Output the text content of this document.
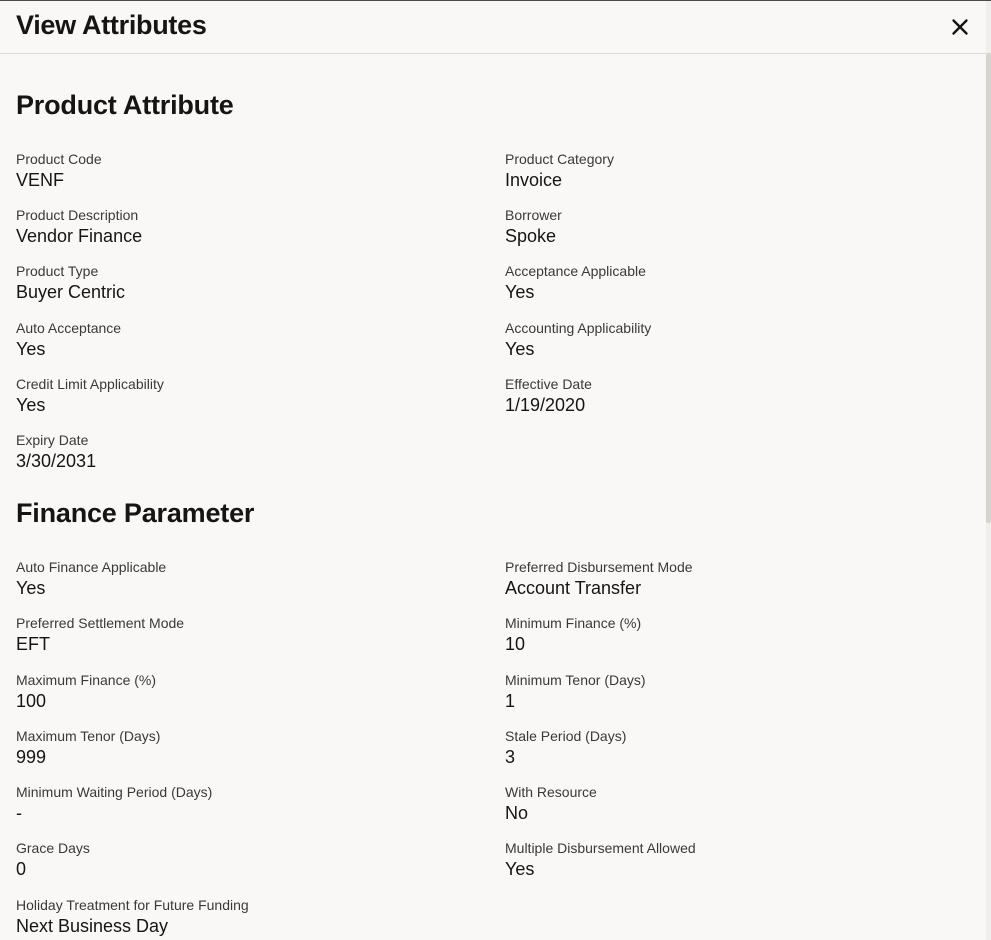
View Attributes
Product Attribute
Product Code
VENF
Product Category
Invoice
Product Description
Vendor Finance
Borrower
Spoke
Product Type
Buyer Centric
Acceptance Applicable
Yes
Auto Acceptance
Yes
Accounting Applicability
Yes
Credit Limit Applicability
Yes
Effective Date
1/19/2020
Expiry Date
3/30/2031
Finance Parameter
Auto Finance Applicable
Yes
Preferred Disbursement Mode
Account Transfer
Preferred Settlement Mode
EFT
Minimum Finance (%)
10
Maximum Finance (%)
100
Minimum Tenor (Days)
1
Maximum Tenor (Days)
999
Stale Period (Days)
3
Minimum Waiting Period (Days)
-
With Resource
No
Grace Days
0
Multiple Disbursement Allowed
Yes
Holiday Treatment for Future Funding
Next Business Day
